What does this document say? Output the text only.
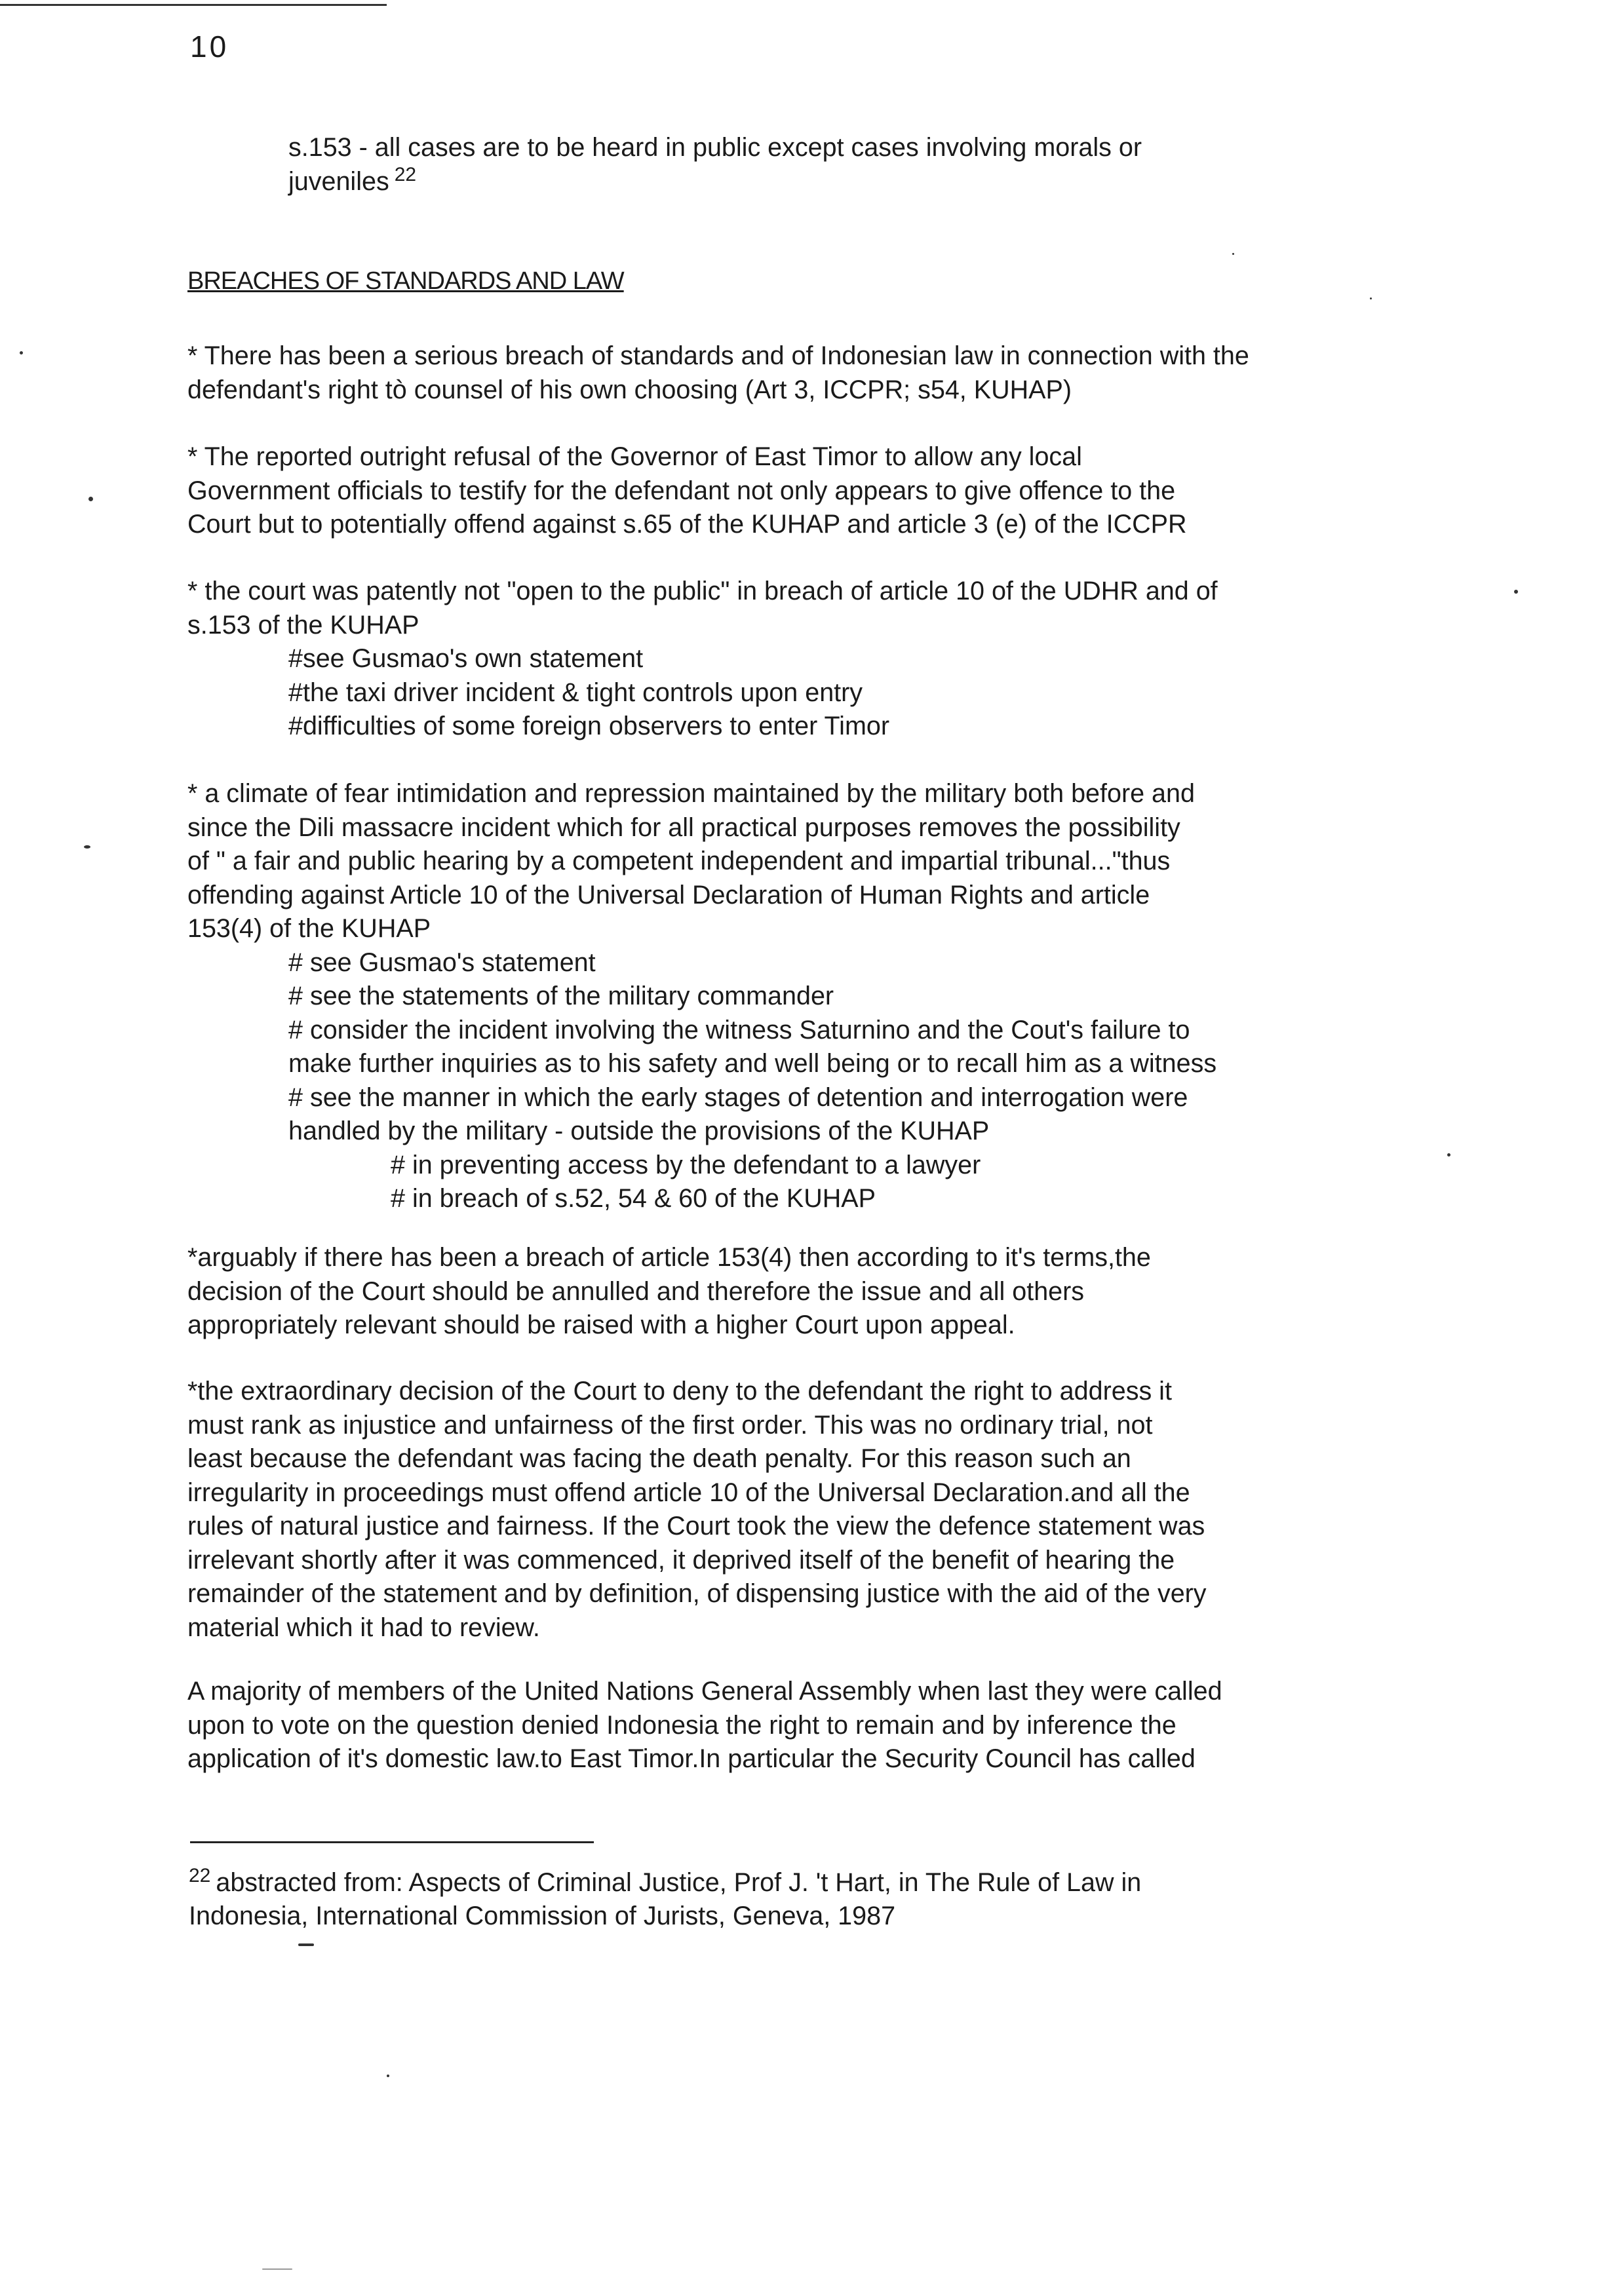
10
s.153 - all cases are to be heard in public except cases involving morals or
juveniles $^{22}$
BREACHES OF STANDARDS AND LAW
* There has been a serious breach of standards and of Indonesian law in connection with the
defendant's right tò counsel of his own choosing (Art 3, ICCPR; s54, KUHAP)
* The reported outright refusal of the Governor of East Timor to allow any local
Government officials to testify for the defendant not only appears to give offence to the
Court but to potentially offend against s.65 of the KUHAP and article 3 (e) of the ICCPR
* the court was patently not "open to the public" in breach of article 10 of the UDHR and of
s.153 of the KUHAP
#see Gusmao's own statement
#the taxi driver incident & tight controls upon entry
#difficulties of some foreign observers to enter Timor
* a climate of fear intimidation and repression maintained by the military both before and
since the Dili massacre incident which for all practical purposes removes the possibility
of " a fair and public hearing by a competent independent and impartial tribunal..."thus
offending against Article 10 of the Universal Declaration of Human Rights and article
153(4) of the KUHAP
# see Gusmao's statement
# see the statements of the military commander
# consider the incident involving the witness Saturnino and the Cout's failure to
make further inquiries as to his safety and well being or to recall him as a witness
# see the manner in which the early stages of detention and interrogation were
handled by the military - outside the provisions of the KUHAP
# in preventing access by the defendant to a lawyer
# in breach of s.52, 54 & 60 of the KUHAP
*arguably if there has been a breach of article 153(4) then according to it's terms,the
decision of the Court should be annulled and therefore the issue and all others
appropriately relevant should be raised with a higher Court upon appeal.
*the extraordinary decision of the Court to deny to the defendant the right to address it
must rank as injustice and unfairness of the first order. This was no ordinary trial, not
least because the defendant was facing the death penalty. For this reason such an
irregularity in proceedings must offend article 10 of the Universal Declaration.and all the
rules of natural justice and fairness. If the Court took the view the defence statement was
irrelevant shortly after it was commenced, it deprived itself of the benefit of hearing the
remainder of the statement and by definition, of dispensing justice with the aid of the very
material which it had to review.
A majority of members of the United Nations General Assembly when last they were called
upon to vote on the question denied Indonesia the right to remain and by inference the
application of it's domestic law.to East Timor.In particular the Security Council has called
$^{22}$ abstracted from: Aspects of Criminal Justice, Prof J. 't Hart, in The Rule of Law in
Indonesia, International Commission of Jurists, Geneva, 1987
